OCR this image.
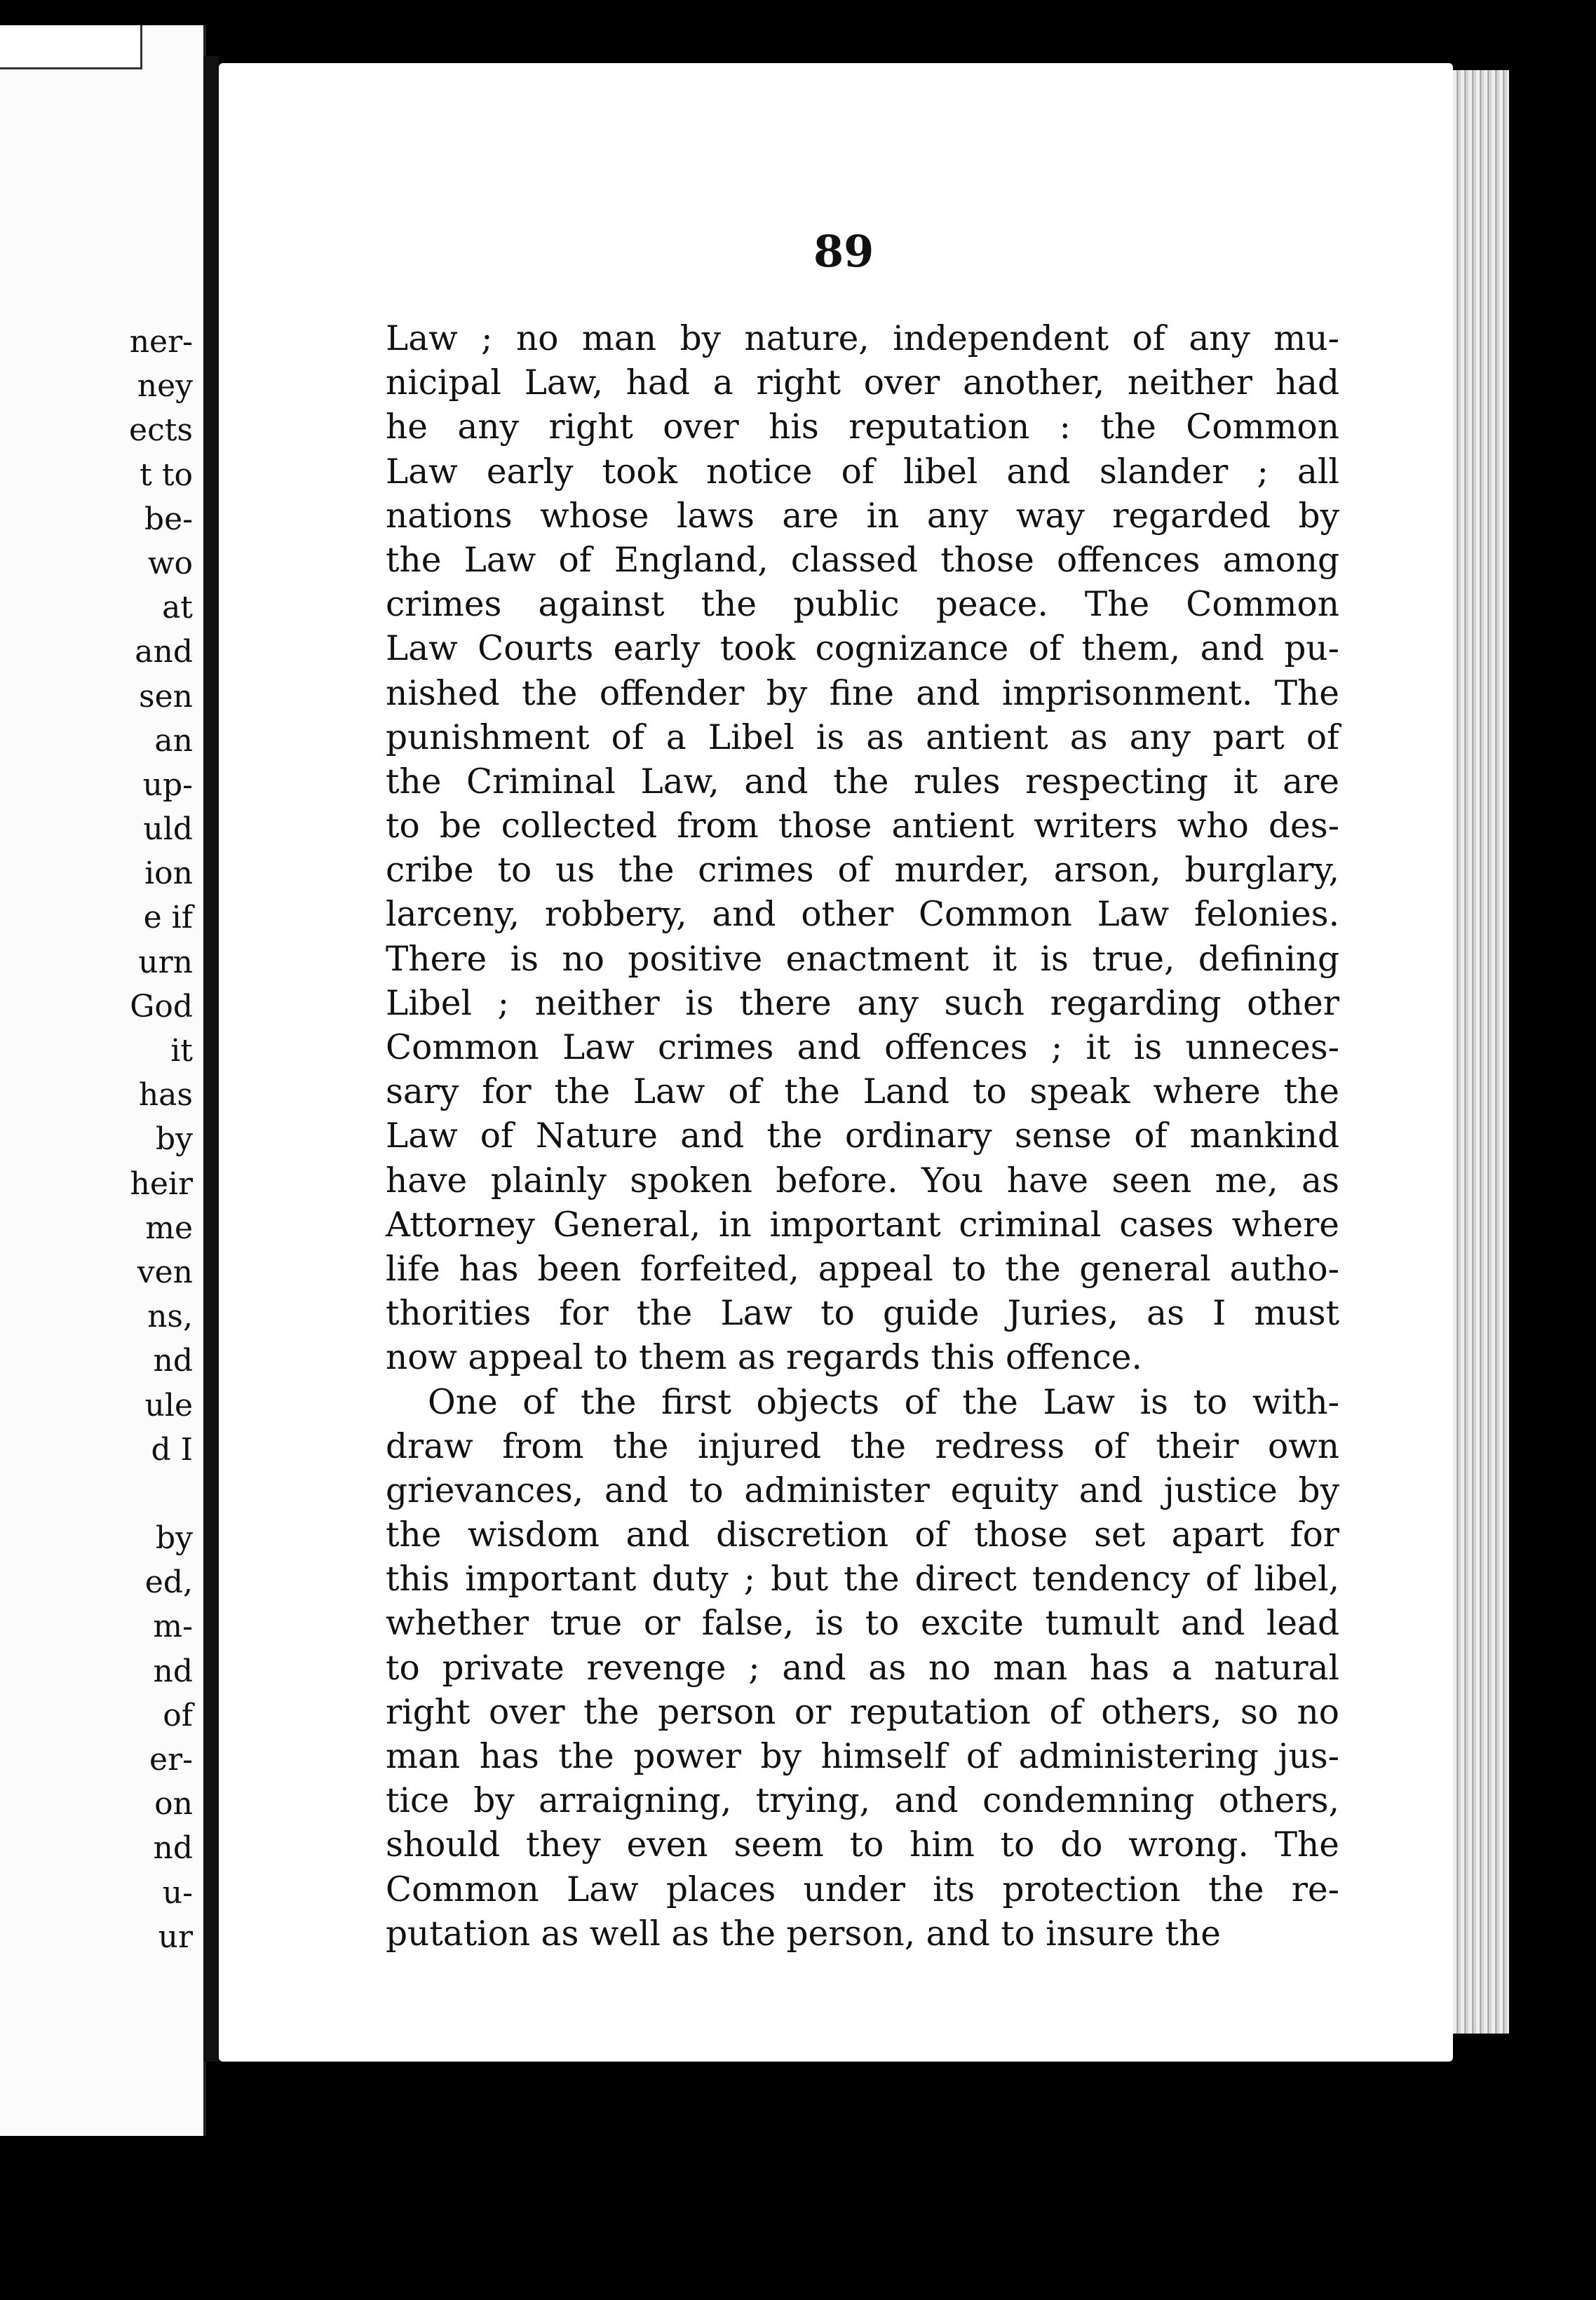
ner-
ney
ects
t to
be-
wo
at
and
sen
an
up-
uld
ion
e if
urn
God
it
has
by
heir
me
ven
ns,
nd
ule
d I
by
ed,
m-
nd
of
er-
on
nd
u-
ur
89
Law ; no man by nature, independent of any mu-
nicipal Law, had a right over another, neither had
he any right over his reputation : the Common
Law early took notice of libel and slander ; all
nations whose laws are in any way regarded by
the Law of England, classed those offences among
crimes against the public peace. The Common
Law Courts early took cognizance of them, and pu-
nished the offender by fine and imprisonment. The
punishment of a Libel is as antient as any part of
the Criminal Law, and the rules respecting it are
to be collected from those antient writers who des-
cribe to us the crimes of murder, arson, burglary,
larceny, robbery, and other Common Law felonies.
There is no positive enactment it is true, defining
Libel ; neither is there any such regarding other
Common Law crimes and offences ; it is unneces-
sary for the Law of the Land to speak where the
Law of Nature and the ordinary sense of mankind
have plainly spoken before. You have seen me, as
Attorney General, in important criminal cases where
life has been forfeited, appeal to the general autho-
thorities for the Law to guide Juries, as I must
now appeal to them as regards this offence.
One of the first objects of the Law is to with-
draw from the injured the redress of their own
grievances, and to administer equity and justice by
the wisdom and discretion of those set apart for
this important duty ; but the direct tendency of libel,
whether true or false, is to excite tumult and lead
to private revenge ; and as no man has a natural
right over the person or reputation of others, so no
man has the power by himself of administering jus-
tice by arraigning, trying, and condemning others,
should they even seem to him to do wrong. The
Common Law places under its protection the re-
putation as well as the person, and to insure the
